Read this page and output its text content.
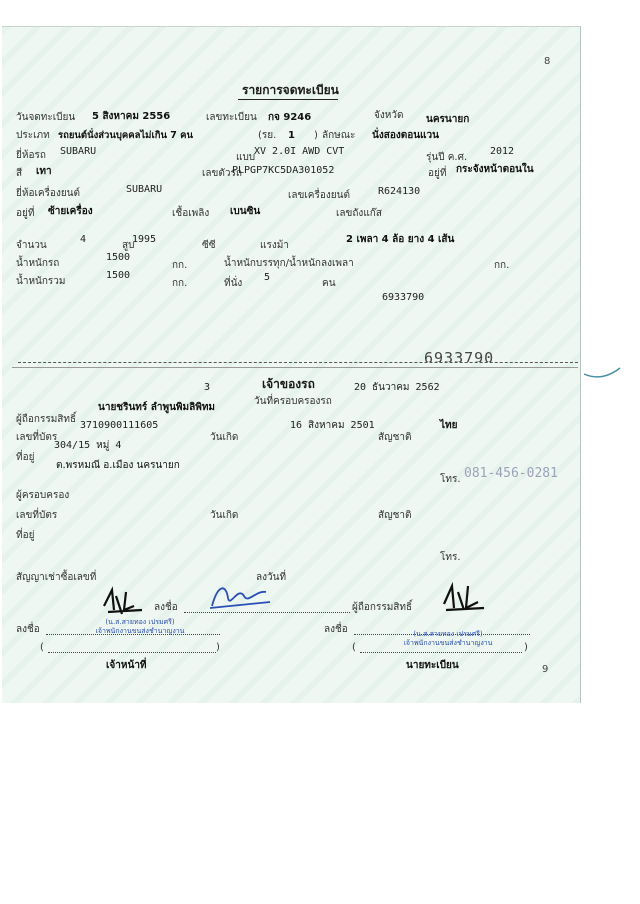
8
9
รายการจดทะเบียน
วันจดทะเบียน 5 สิงหาคม 2556	เลขทะเบียน กจ 9246	จังหวัด นครนายก
ประเภท รถยนต์นั่งส่วนบุคคลไม่เกิน 7 คน	(รย. 1 ) ลักษณะ นั่งสองตอนแวน
ยี่ห้อรถ SUBARU
แบบ
XV 2.0I AWD CVT
รุ่นปี ค.ศ.
2012
สี เทา	เลขตัวรถ
PLPGP7KC5DA301052	อยู่ที่ กระจังหน้าตอนใน
ยี่ห้อเครื่องยนต์	SUBARU
เลขเครื่องยนต์	R624130
อยู่ที่ ซ้ายเครื่อง	เชื้อเพลิง เบนซิน	เลขถังแก๊ส
จำนวน
4
สูบ
1995
ซีซี	แรงม้า
2 เพลา 4 ล้อ ยาง 4 เส้น
น้ำหนักรถ
1500
กก.	น้ำหนักบรรทุก/น้ำหนักลงเพลา	กก.
น้ำหนักรวม
1500
กก.	ที่นั่ง
5
คน
6933790
6933790
3	เจ้าของรถ	20 ธันวาคม 2562
วันที่ครอบครองรถ
นายชรินทร์ ลำพูนพิมลิพิทม
ผู้ถือกรรมสิทธิ์
3710900111605	16 สิงหาคม 2501	ไทย
เลขที่บัตร	วันเกิด	สัญชาติ
304/15 หมู่ 4
ที่อยู่
ต.พรหมณี อ.เมือง นครนายก
โทร. 081-456-0281
ผู้ครอบครอง
เลขที่บัตร	วันเกิด	สัญชาติ
ที่อยู่
โทร.
สัญญาเช่าซื้อเลขที่	ลงวันที่
ลงชื่อ	ผู้ถือกรรมสิทธิ์
ลงชื่อ	ลงชื่อ
(น.ส.สายทอง เปรมศรี)
เจ้าพนักงานขนส่งชำนาญงาน	(น.ส.สายทอง เปรมศรี)
เจ้าพนักงานขนส่งชำนาญงาน
(	)	(	)
เจ้าหน้าที่	นายทะเบียน
